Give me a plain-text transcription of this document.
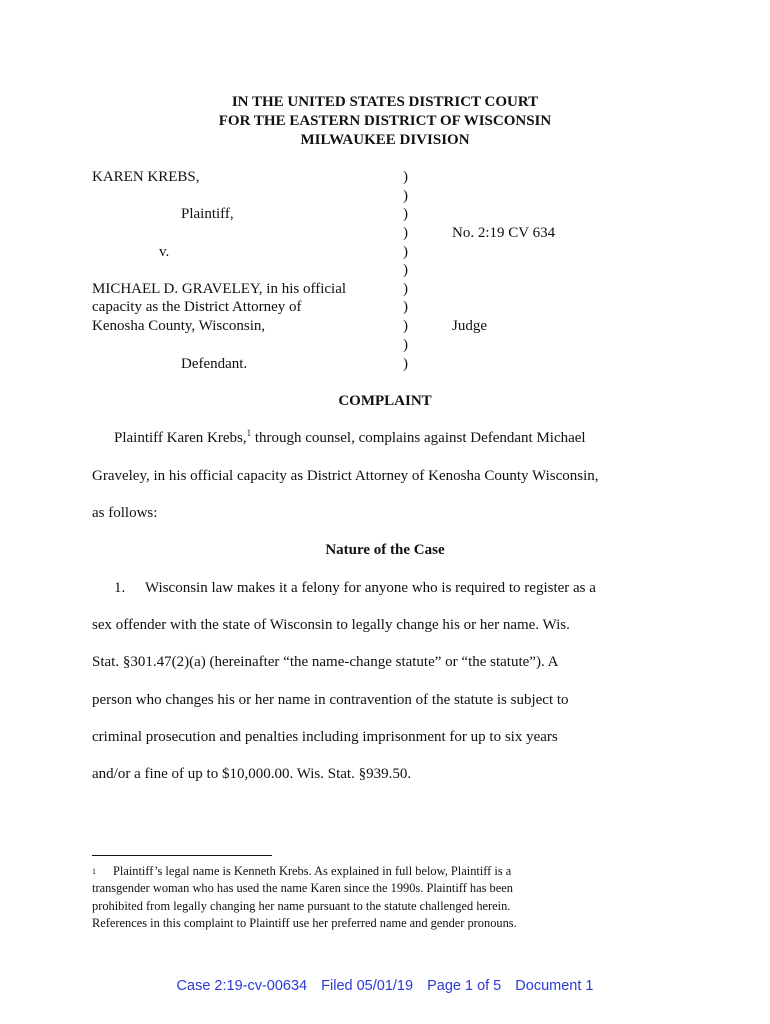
IN THE UNITED STATES DISTRICT COURT
FOR THE EASTERN DISTRICT OF WISCONSIN
MILWAUKEE DIVISION
KAREN KREBS,
Plaintiff,
v.
MICHAEL D. GRAVELEY, in his official
capacity as the District Attorney of
Kenosha County, Wisconsin,
Defendant.
)
)
)
)
)
)
)
)
)
)
)
No. 2:19 CV 634
Judge
COMPLAINT
Plaintiff Karen Krebs,$^1$ through counsel, complains against Defendant Michael
Graveley, in his official capacity as District Attorney of Kenosha County Wisconsin,
as follows:
Nature of the Case
1. Wisconsin law makes it a felony for anyone who is required to register as a
sex offender with the state of Wisconsin to legally change his or her name. Wis.
Stat. §301.47(2)(a) (hereinafter “the name-change statute” or “the statute”). A
person who changes his or her name in contravention of the statute is subject to
criminal prosecution and penalties including imprisonment for up to six years
and/or a fine of up to $10,000.00. Wis. Stat. §939.50.
1 Plaintiff’s legal name is Kenneth Krebs. As explained in full below, Plaintiff is a
transgender woman who has used the name Karen since the 1990s. Plaintiff has been
prohibited from legally changing her name pursuant to the statute challenged herein.
References in this complaint to Plaintiff use her preferred name and gender pronouns.
Case 2:19-cv-00634 Filed 05/01/19 Page 1 of 5 Document 1
